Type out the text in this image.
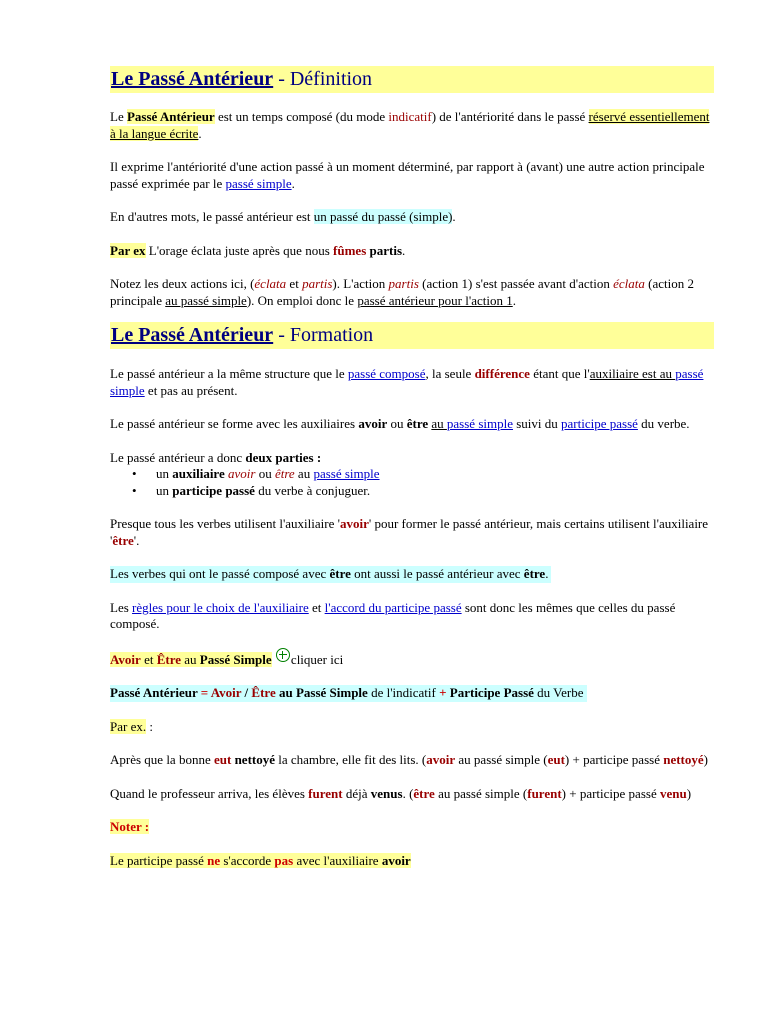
Le Passé Antérieur - Définition

Le Passé Antérieur est un temps composé (du mode indicatif) de l'antériorité dans le passé réservé essentiellement à la langue écrite.

Il exprime l'antériorité d'une action passé à un moment déterminé, par rapport à (avant) une autre action principale passé exprimée par le passé simple.

En d'autres mots, le passé antérieur est un passé du passé (simple).

Par ex L'orage éclata juste après que nous fûmes partis.

Notez les deux actions ici, (éclata et partis). L'action partis (action 1) s'est passée avant d'action éclata (action 2 principale au passé simple). On emploi donc le passé antérieur pour l'action 1.

Le Passé Antérieur - Formation

Le passé antérieur a la même structure que le passé composé, la seule différence étant que l'auxiliaire est au passé simple et pas au présent.

Le passé antérieur se forme avec les auxiliaires avoir ou être au passé simple suivi du participe passé du verbe.

Le passé antérieur a donc deux parties :

• un auxiliaire avoir ou être au passé simple
• un participe passé du verbe à conjuguer.

Presque tous les verbes utilisent l'auxiliaire 'avoir' pour former le passé antérieur, mais certains utilisent l'auxiliaire 'être'.

Les verbes qui ont le passé composé avec être ont aussi le passé antérieur avec être.

Les règles pour le choix de l'auxiliaire et l'accord du participe passé sont donc les mêmes que celles du passé composé.

Avoir et Être au Passé Simple cliquer ici

Passé Antérieur = Avoir / Être au Passé Simple de l'indicatif + Participe Passé du Verbe

Par ex. :

Après que la bonne eut nettoyé la chambre, elle fit des lits. (avoir au passé simple (eut) + participe passé nettoyé)

Quand le professeur arriva, les élèves furent déjà venus. (être au passé simple (furent) + participe passé venu)

Noter :

Le participe passé ne s'accorde pas avec l'auxiliaire avoir
